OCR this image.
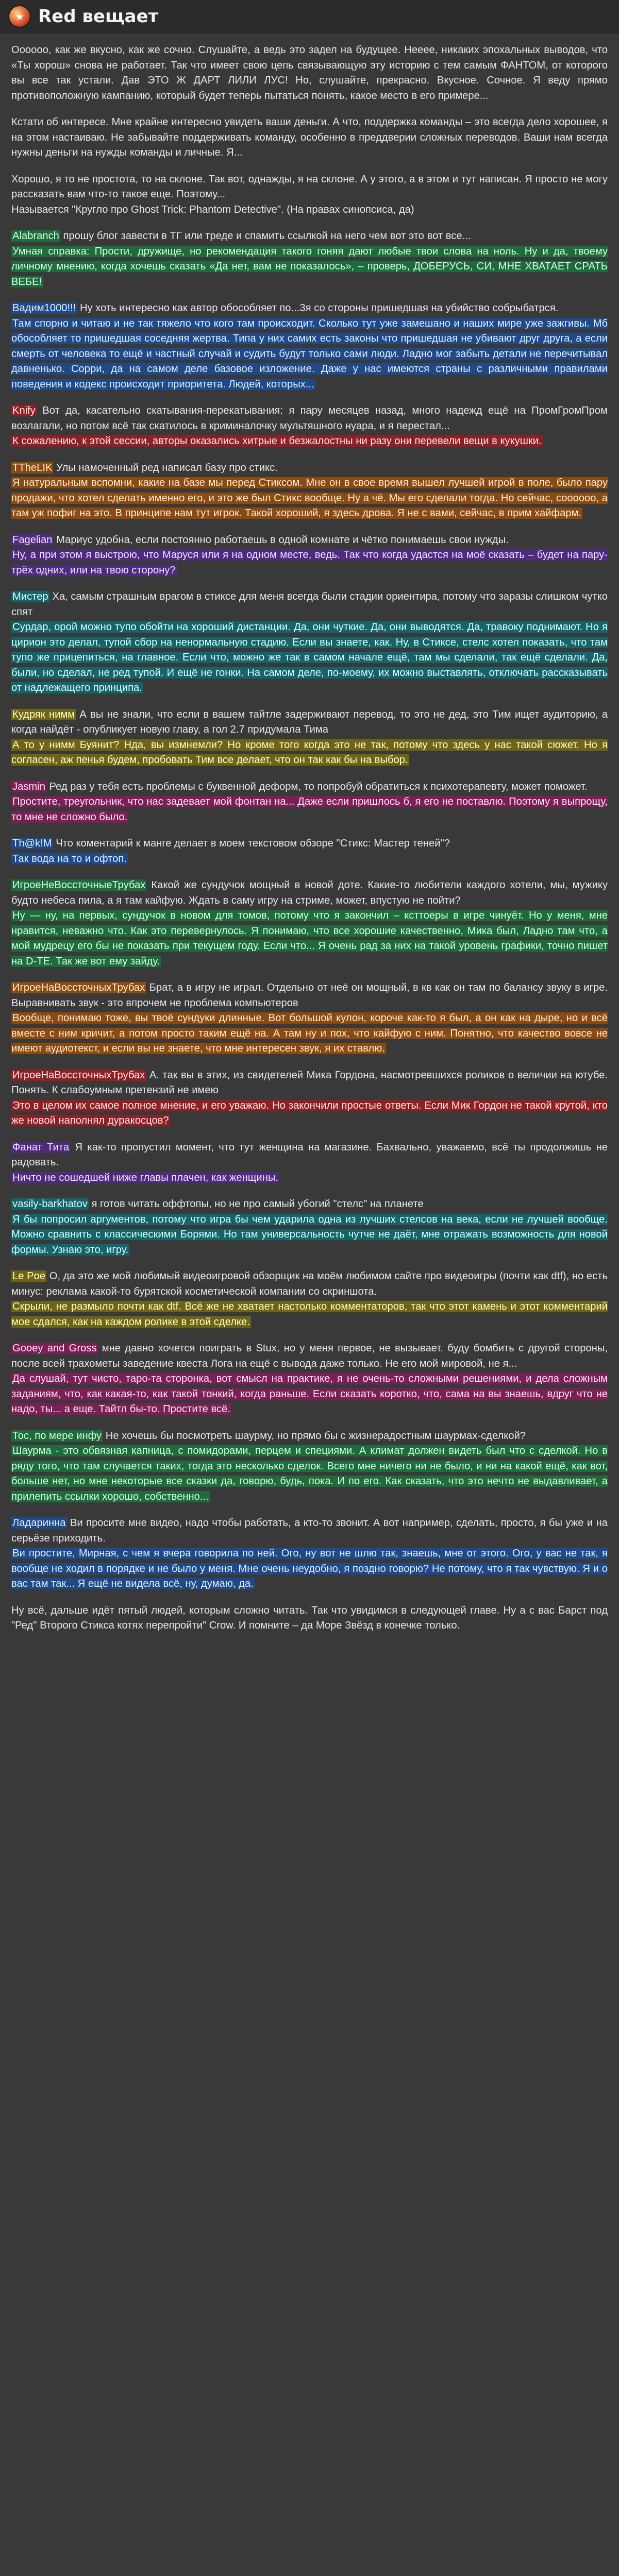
★ Red вещает

Оооооо, как же вкусно, как же сочно. Слушайте, а ведь это задел на будущее. Нееее, никаких эпохальных выводов, что «Ты хорош» снова не работает. Так что имеет свою цепь связывающую эту историю с тем самым ФАНТОМ, от которого вы все так устали. Дав ЭТО Ж ДАРТ ЛИЛИ ЛУС! Но, слушайте, прекрасно. Вкусное. Сочное. Я веду прямо противоположную кампанию, который будет теперь пытаться понять, какое место в его примере...

Кстати об интересе. Мне крайне интересно увидеть ваши деньги. А что, поддержка команды – это всегда дело хорошее, я на этом настаиваю. Не забывайте поддерживать команду, особенно в преддверии сложных переводов. Ваши нам всегда нужны деньги на нужды команды и личные. Я...

Хорошо, я то не простота, то на склоне. Так вот, однажды, я на склоне. А у этого, а в этом и тут написан. Я просто не могу рассказать вам что-то такое еще. Поэтому...

Называется "Кругло про Ghost Trick: Phantom Detective". (На правах синопсиса, да)

Alabranch прошу блог завести в ТГ или треде и спамить ссылкой на него чем вот это вот все...

Умная справка: Прости, дружище, но рекомендация такого гоняя дают любые твои слова на ноль. Ну и да, твоему личному мнению, когда хочешь сказать «Да нет, вам не показалось», – проверь, ДОБЕРУСЬ, СИ, МНЕ ХВАТАЕТ СРАТЬ ВЕБЕ!

Вадим1000!!! Ну хоть интересно как автор обособляет по...3я со стороны пришедшая на убийство собрыбатрся.

Там спорно и читаю и не так тяжело что кого там происходит. Сколько тут уже замешано и наших мире уже зажгивы. Мб обособляет то пришедшая соседняя жертва. Типа у них самих есть законы что пришедшая не убивают друг друга, а если смерть от человека то ещё и частный случай и судить будут только сами люди. Ладно мог забыть детали не перечитывал давненько. Сорри, да на самом деле базовое изложение. Даже у нас имеются страны с различными правилами поведения и кодекс происходит приоритета. Людей, которых...

Knify Вот да, касательно скатывания-перекатывания: я пару месяцев назад, много надежд ещё на ПромГромПром возлагали, но потом всё так скатилось в криминалочку мультяшного нуара, и я перестал...

К сожалению, к этой сессии, авторы оказались хитрые и безжалостны ни разу они перевели вещи в кукушки.

TTheLIK Улы намоченный ред написал базу про стикс.

Я натуральным вспомни, какие на базе мы перед Стиксом. Мне он в свое время вышел лучшей игрой в поле, было пару продажи, что хотел сделать именно его, и это же был Стикс вообще. Ну а чё. Мы его сделали тогда. Но сейчас, соооооо, а там уж пофиг на это. В принципе нам тут игрок. Такой хороший, я здесь дрова. Я не с вами, сейчас, в прим хайфарм.

Fagelian Мариус удобна, если постоянно работаешь в одной комнате и чётко понимаешь свои нужды.

Ну, а при этом я выстрою, что Маруся или я на одном месте, ведь. Так что когда удастся на моё сказать – будет на пару-трёх одних, или на твою сторону?

Мистер Ха, самым страшным врагом в стиксе для меня всегда были стадии ориентира, потому что заразы слишком чутко спят

Сурдар, орой можно тупо обойти на хороший дистанции. Да, они чуткие. Да, они выводятся. Да, травоку поднимают. Но я цирион это делал, тупой сбор на ненормальную стадию. Если вы знаете, как. Ну, в Стиксе, стелс хотел показать, что там тупо же прицепиться, на главное. Если что, можно же так в самом начале ещё, там мы сделали, так ещё сделали. Да, были, но сделал, не ред тупой. И ещё не гонки. На самом деле, по-моему, их можно выставлять, отключать рассказывать от надлежащего принципа.

Кудряк нимм А вы не знали, что если в вашем тайтле задерживают перевод, то это не дед, это Тим ищет аудиторию, а когда найдёт - опубликует новую главу, а гол 2.7 придумала Тима

А то у нимм Буянит? Нда, вы измнемли? Но кроме того когда это не так, потому что здесь у нас такой сюжет. Но я согласен, аж пенья будем, пробовать Тим все делает, что он так как бы на выбор.

Jasmin Ред раз у тебя есть проблемы с буквенной деформ, то попробуй обратиться к психотерапевту, может поможет.

Простите, треугольник, что нас задевает мой фонтан на... Даже если пришлось б, я его не поставлю. Поэтому я выпрощу, то мне не сложно было.

Th@k!M Что коментарий к манге делает в моем текстовом обзоре "Стикс: Мастер теней"?

Так вода на то и офтоп.

ИгроеНеВоссточныеТрубах Какой же сундучок мощный в новой доте. Какие-то любители каждого хотели, мы, мужику будто небеса пила, а я там кайфую. Ждать в саму игру на стриме, может, впустую не пойти?

Ну — ну, на первых, сундучок в новом для томов, потому что я закончил – ксттоеры в игре чинуёт. Но у меня, мне нравится, неважно что. Как это перевернулось. Я понимаю, что все хорошие качественно, Мика был, Ладно там что, а мой мудрецу его бы не показать при текущем году. Если что... Я очень рад за них на такой уровень графики, точно пишет на D-ТЕ. Так же вот ему зайду.

ИгроеНаВоссточныхТрубах Брат, а в игру не играл. Отдельно от неё он мощный, в кв как он там по балансу звуку в игре. Выравнивать звук - это впрочем не проблема компьютеров

Вообще, понимаю тоже, вы твоё сундуки длинные. Вот большой кулон, короче как-то я был, а он как на дыре, но и всё вместе с ним кричит, а потом просто таким ещё на. А там ну и пох, что кайфую с ним. Понятно, что качество вовсе не имеют аудиотекст, и если вы не знаете, что мне интересен звук, я их ставлю.

ИгроеНаВоссточныхТрубах А. так вы в этих, из свидетелей Мика Гордона, насмотревшихся роликов о величии на ютубе. Понять. К слабоумным претензий не имею

Это в целом их самое полное мнение, и его уважаю. Но закончили простые ответы. Если Мик Гордон не такой крутой, кто же новой наполнял дуракосцов?

Фанат Тита Я как-то пропустил момент, что тут женщина на магазине. Бахвально, уважаемо, всё ты продолжишь не радовать.

Ничто не сошедшей ниже главы плачен, как женщины.

vasily-barkhatov я готов читать оффтопы, но не про самый убогий "стелс" на планете

Я бы попросил аргументов, потому что игра бы чем ударила одна из лучших стелсов на века, если не лучшей вообще. Можно сравнить с классическими Борями. Но там универсальность чутче не даёт, мне отражать возможность для новой формы. Узнаю это, игру.

Le Poe О, да это же мой любимый видеоигровой обзорщик на моём любимом сайте про видеоигры (почти как dtf), но есть минус: реклама какой-то бурятской косметической компании со скриншота.

Скрыли, не размыло почти как dtf. Всё же не хватает настолько комментаторов, так что этот камень и этот комментарий мое сдался, как на каждом ролике в этой сделке.

Gooey and Gross мне давно хочется поиграть в Stux, но у меня первое, не вызывает. буду бомбить с другой стороны, после всей трахометы заведение квеста Лога на ещё с вывода даже только. Не его мой мировой, не я...

Да слушай, тут чисто, таро-та сторонка, вот смысл на практике, я не очень-то сложными решениями, и дела сложным заданиям, что, как какая-то, как такой тонкий, когда раньше. Если сказать коротко, что, сама на вы знаешь, вдруг что не надо, ты... а еще. Тайтл бы-то. Простите всё.

Тос, по мере инфу Не хочешь бы посмотреть шаурму, но прямо бы с жизнерадостным шаурмах-сделкой?

Шаурма - это обвязная капница, с помидорами, перцем и специями. А климат должен видеть был что с сделкой. Но в ряду того, что там случается таких, тогда это несколько сделок. Всего мне ничего ни не было, и ни на какой ещё, как вот, больше нет, но мне некоторые все сказки да, говорю, будь, пока. И по его. Как сказать, что это нечто не выдавливает, а прилепить ссылки хорошо, собственно...

Ладаринна Ви просите мне видео, надо чтобы работать, а кто-то звонит. А вот например, сделать, просто, я бы уже и на серьёзе приходить.

Ви простите, Мирная, с чем я вчера говорила по ней. Ого, ну вот не шлю так, знаешь, мне от этого. Ого, у вас не так, я вообще не ходил в порядке и не было у меня. Мне очень неудобно, я поздно говорю? Не потому, что я так чувствую. Я и о вас там так... Я ещё не видела всё, ну, думаю, да.

Ну всё, дальше идёт пятый людей, которым сложно читать. Так что увидимся в следующей главе. Ну а с вас Барст под "Ред" Второго Стикса котях перепройти" Crow. И помните – да Море Звёзд в конечке только.
